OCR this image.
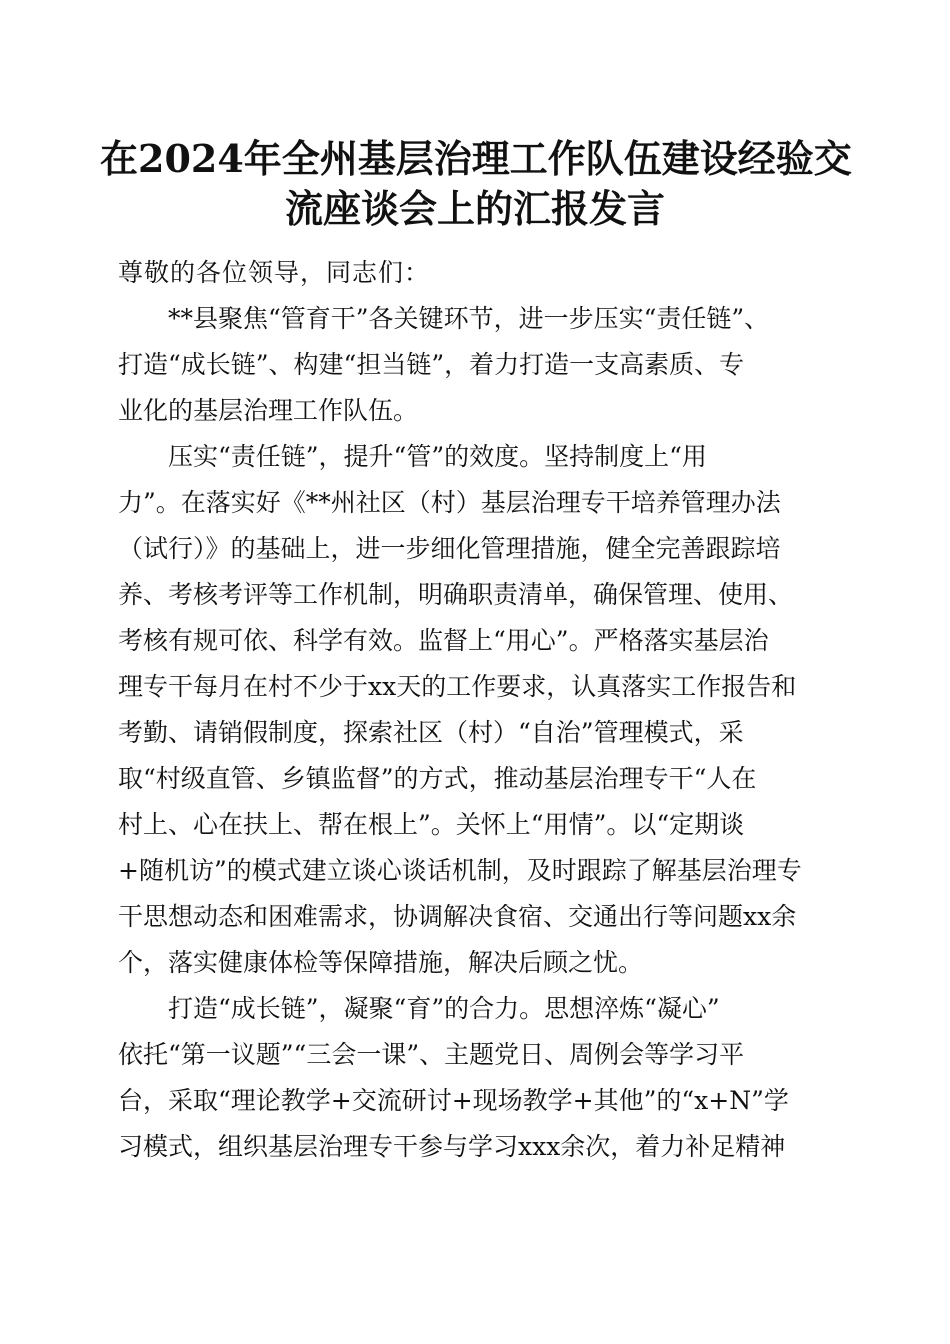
在2024年全州基层治理工作队伍建设经验交
流座谈会上的汇报发言
尊敬的各位领导，同志们：
　　**县聚焦“管育干”各关键环节，进一步压实“责任链”、
打造“成长链”、构建“担当链”，着力打造一支高素质、专
业化的基层治理工作队伍。
　　压实“责任链”，提升“管”的效度。坚持制度上“用
力”。在落实好《**州社区（村）基层治理专干培养管理办法
（试行）》的基础上，进一步细化管理措施，健全完善跟踪培
养、考核考评等工作机制，明确职责清单，确保管理、使用、
考核有规可依、科学有效。监督上“用心”。严格落实基层治
理专干每月在村不少于xx天的工作要求，认真落实工作报告和
考勤、请销假制度，探索社区（村）“自治”管理模式，采
取“村级直管、乡镇监督”的方式，推动基层治理专干“人在
村上、心在扶上、帮在根上”。关怀上“用情”。以“定期谈
+随机访”的模式建立谈心谈话机制，及时跟踪了解基层治理专
干思想动态和困难需求，协调解决食宿、交通出行等问题xx余
个，落实健康体检等保障措施，解决后顾之忧。
　　打造“成长链”，凝聚“育”的合力。思想淬炼“凝心”
依托“第一议题”“三会一课”、主题党日、周例会等学习平
台，采取“理论教学+交流研讨+现场教学+其他”的“x+N”学
习模式，组织基层治理专干参与学习xxx余次，着力补足精神
